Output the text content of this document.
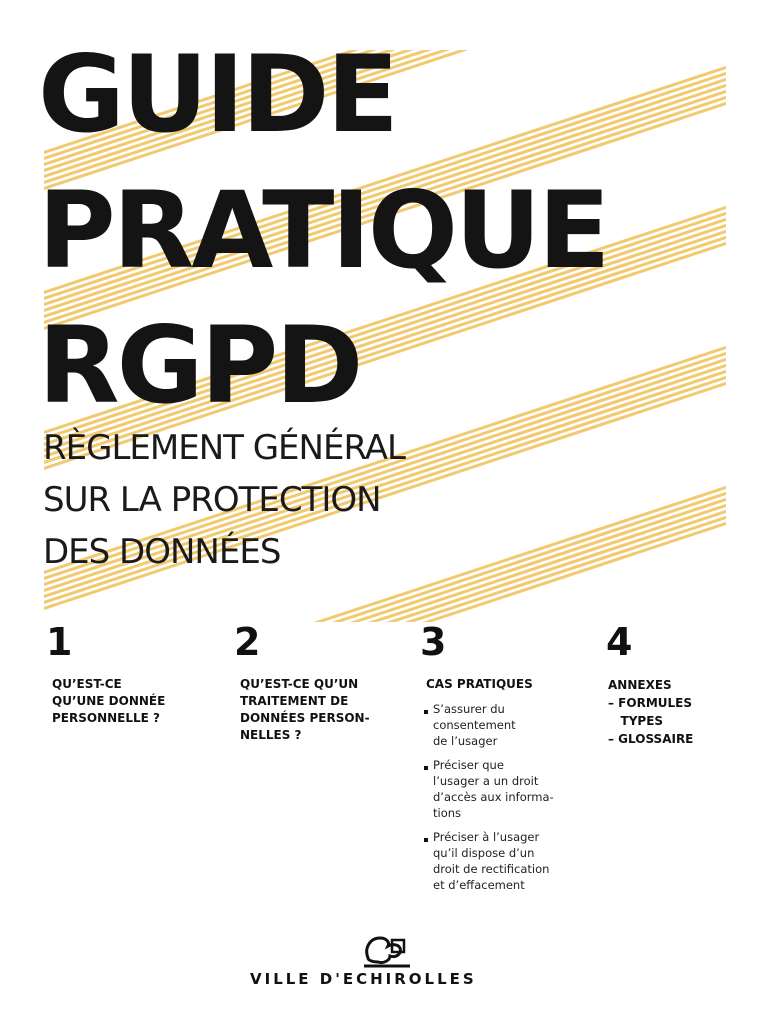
GUIDE
PRATIQUE
RGPD

RÈGLEMENT GÉNÉRAL

SUR LA PROTECTION

DES DONNÉES

1

QU’EST-CE
QU’UNE DONNÉE
PERSONNELLE ?

2

QU’EST-CE QU’UN
TRAITEMENT DE
DONNÉES PERSON-
NELLES ?

3

CAS PRATIQUES
S’assurer du
consentement
de l’usager
Préciser que
l’usager a un droit
d’accès aux informa-
tions
Préciser à l’usager
qu’il dispose d’un
droit de rectification
et d’effacement

4

ANNEXES
– FORMULES
TYPES
– GLOSSAIRE
VILLE D'ECHIROLLES
